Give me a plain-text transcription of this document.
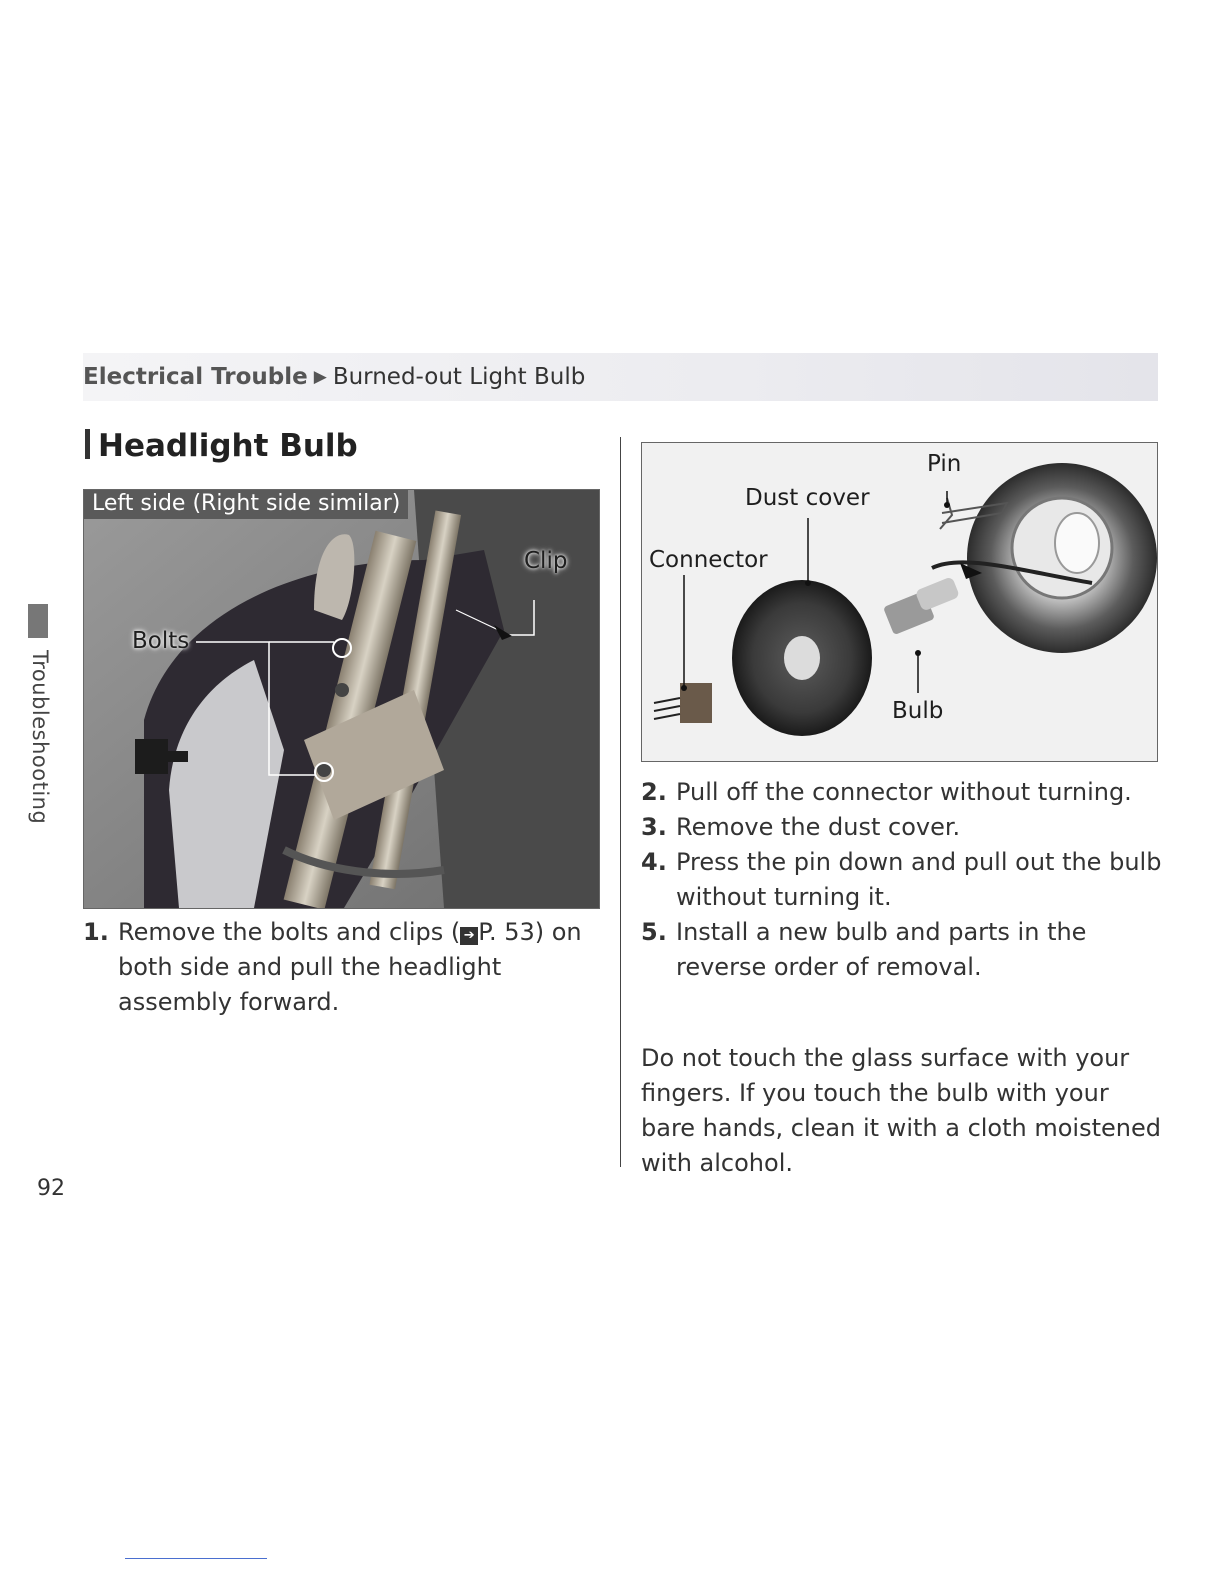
Electrical Trouble ▶ Burned-out Light Bulb
Headlight Bulb
Troubleshooting
Left side (Right side similar)
Clip
Bolts
Pin
Dust cover
Connector
Bulb
1. Remove the bolts and clips ( ➔ P. 53) on both side and pull the headlight assembly forward.
2. Pull off the connector without turning.
3. Remove the dust cover.
4. Press the pin down and pull out the bulb without turning it.
5. Install a new bulb and parts in the reverse order of removal.

Do not touch the glass surface with your fingers. If you touch the bulb with your bare hands, clean it with a cloth moistened with alcohol.

92
